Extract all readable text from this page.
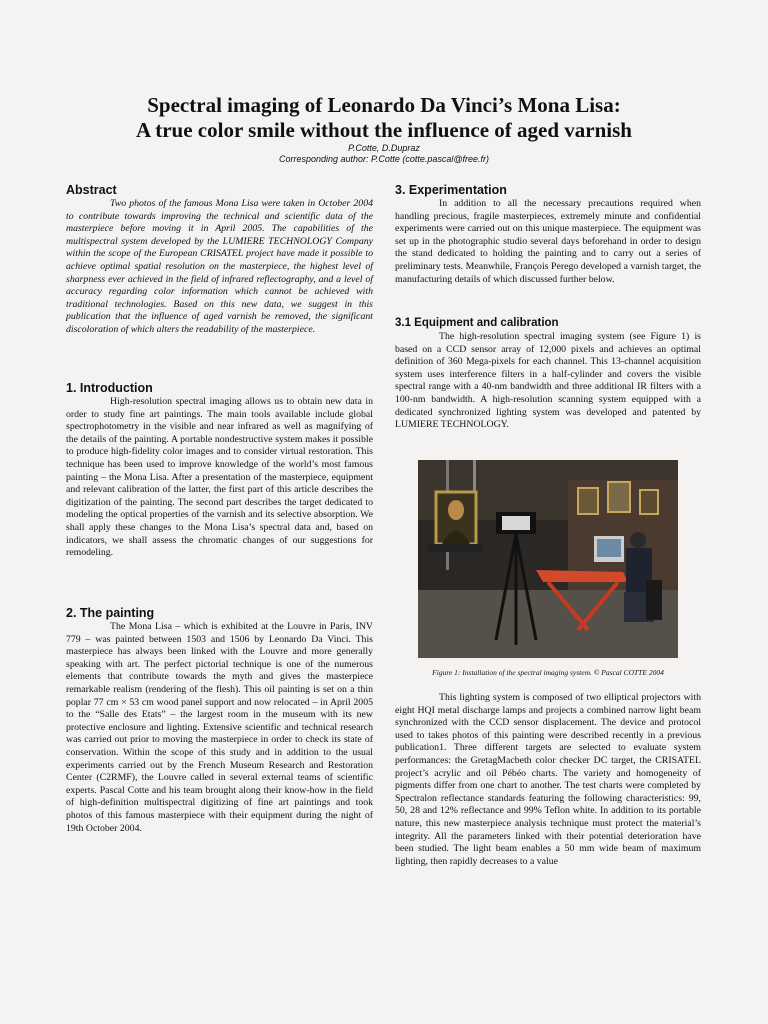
Spectral imaging of Leonardo Da Vinci’s Mona Lisa:
A true color smile without the influence of aged varnish
P.Cotte, D.Dupraz
Corresponding author: P.Cotte (cotte.pascal@free.fr)
Abstract

Two photos of the famous Mona Lisa were taken in October 2004 to contribute towards improving the technical and scientific data of the masterpiece before moving it in April 2005. The capabilities of the multispectral system developed by the LUMIERE TECHNOLOGY Company within the scope of the European CRISATEL project have made it possible to achieve optimal spatial resolution on the masterpiece, the highest level of sharpness ever achieved in the field of infrared reflectography, and a level of accuracy regarding color information which cannot be achieved with traditional technologies. Based on this new data, we suggest in this publication that the influence of aged varnish be removed, the significant discoloration of which alters the readability of the masterpiece.

1. Introduction

High-resolution spectral imaging allows us to obtain new data in order to study fine art paintings. The main tools available include global spectrophotometry in the visible and near infrared as well as magnifying of the details of the painting. A portable nondestructive system makes it possible to produce high-fidelity color images and to consider virtual restoration. This technique has been used to improve knowledge of the world’s most famous painting – the Mona Lisa. After a presentation of the masterpiece, equipment and relevant calibration of the latter, the first part of this article describes the digitization of the painting. The second part describes the target dedicated to modeling the optical properties of the varnish and its selective absorption. We shall apply these changes to the Mona Lisa’s spectral data and, based on indicators, we shall assess the chromatic changes of our suggestions for remodeling.

2. The painting

The Mona Lisa – which is exhibited at the Louvre in Paris, INV 779 – was painted between 1503 and 1506 by Leonardo Da Vinci. This masterpiece has always been linked with the Louvre and more generally speaking with art. The perfect pictorial technique is one of the numerous elements that contribute towards the myth and gives the masterpiece remarkable realism (rendering of the flesh). This oil painting is set on a thin poplar 77 cm × 53 cm wood panel support and now relocated – in April 2005 to the “Salle des Etats” – the largest room in the museum with its new protective enclosure and lighting. Extensive scientific and technical research was carried out prior to moving the masterpiece in order to check its state of conservation. Within the scope of this study and in addition to the usual experiments carried out by the French Museum Research and Restoration Center (C2RMF), the Louvre called in several external teams of scientific experts. Pascal Cotte and his team brought along their know-how in the field of high-definition multispectral digitizing of fine art paintings and took photos of this famous masterpiece with their equipment during the night of 19th October 2004.

3. Experimentation

In addition to all the necessary precautions required when handling precious, fragile masterpieces, extremely minute and confidential experiments were carried out on this unique masterpiece. The equipment was set up in the photographic studio several days beforehand in order to design the stand dedicated to holding the painting and to carry out a series of preliminary tests. Meanwhile, François Perego developed a varnish target, the manufacturing details of which discussed further below.

3.1 Equipment and calibration

The high-resolution spectral imaging system (see Figure 1) is based on a CCD sensor array of 12,000 pixels and achieves an optimal definition of 360 Mega-pixels for each channel. This 13-channel acquisition system uses interference filters in a half-cylinder and covers the visible spectral range with a 40-nm bandwidth and three additional IR filters with a 100-nm bandwidth. A high-resolution scanning system equipped with a dedicated synchronized lighting system was developed and patented by LUMIERE TECHNOLOGY.

Figure 1: Installation of the spectral imaging system. © Pascal COTTE 2004

This lighting system is composed of two elliptical projectors with eight HQI metal discharge lamps and projects a combined narrow light beam synchronized with the CCD sensor displacement. The device and protocol used to takes photos of this painting were described recently in a previous publication1. Three different targets are selected to evaluate system performances: the GretagMacbeth color checker DC target, the CRISATEL project’s acrylic and oil Pébéo charts. The variety and homogeneity of pigments differ from one chart to another. The test charts were completed by Spectralon reflectance standards featuring the following characteristics: 99, 50, 28 and 12% reflectance and 99% Teflon white. In addition to its portable nature, this new masterpiece analysis technique must protect the material’s integrity. All the parameters linked with their potential deterioration have been studied. The light beam enables a 50 mm wide beam of maximum lighting, then rapidly decreases to a value
